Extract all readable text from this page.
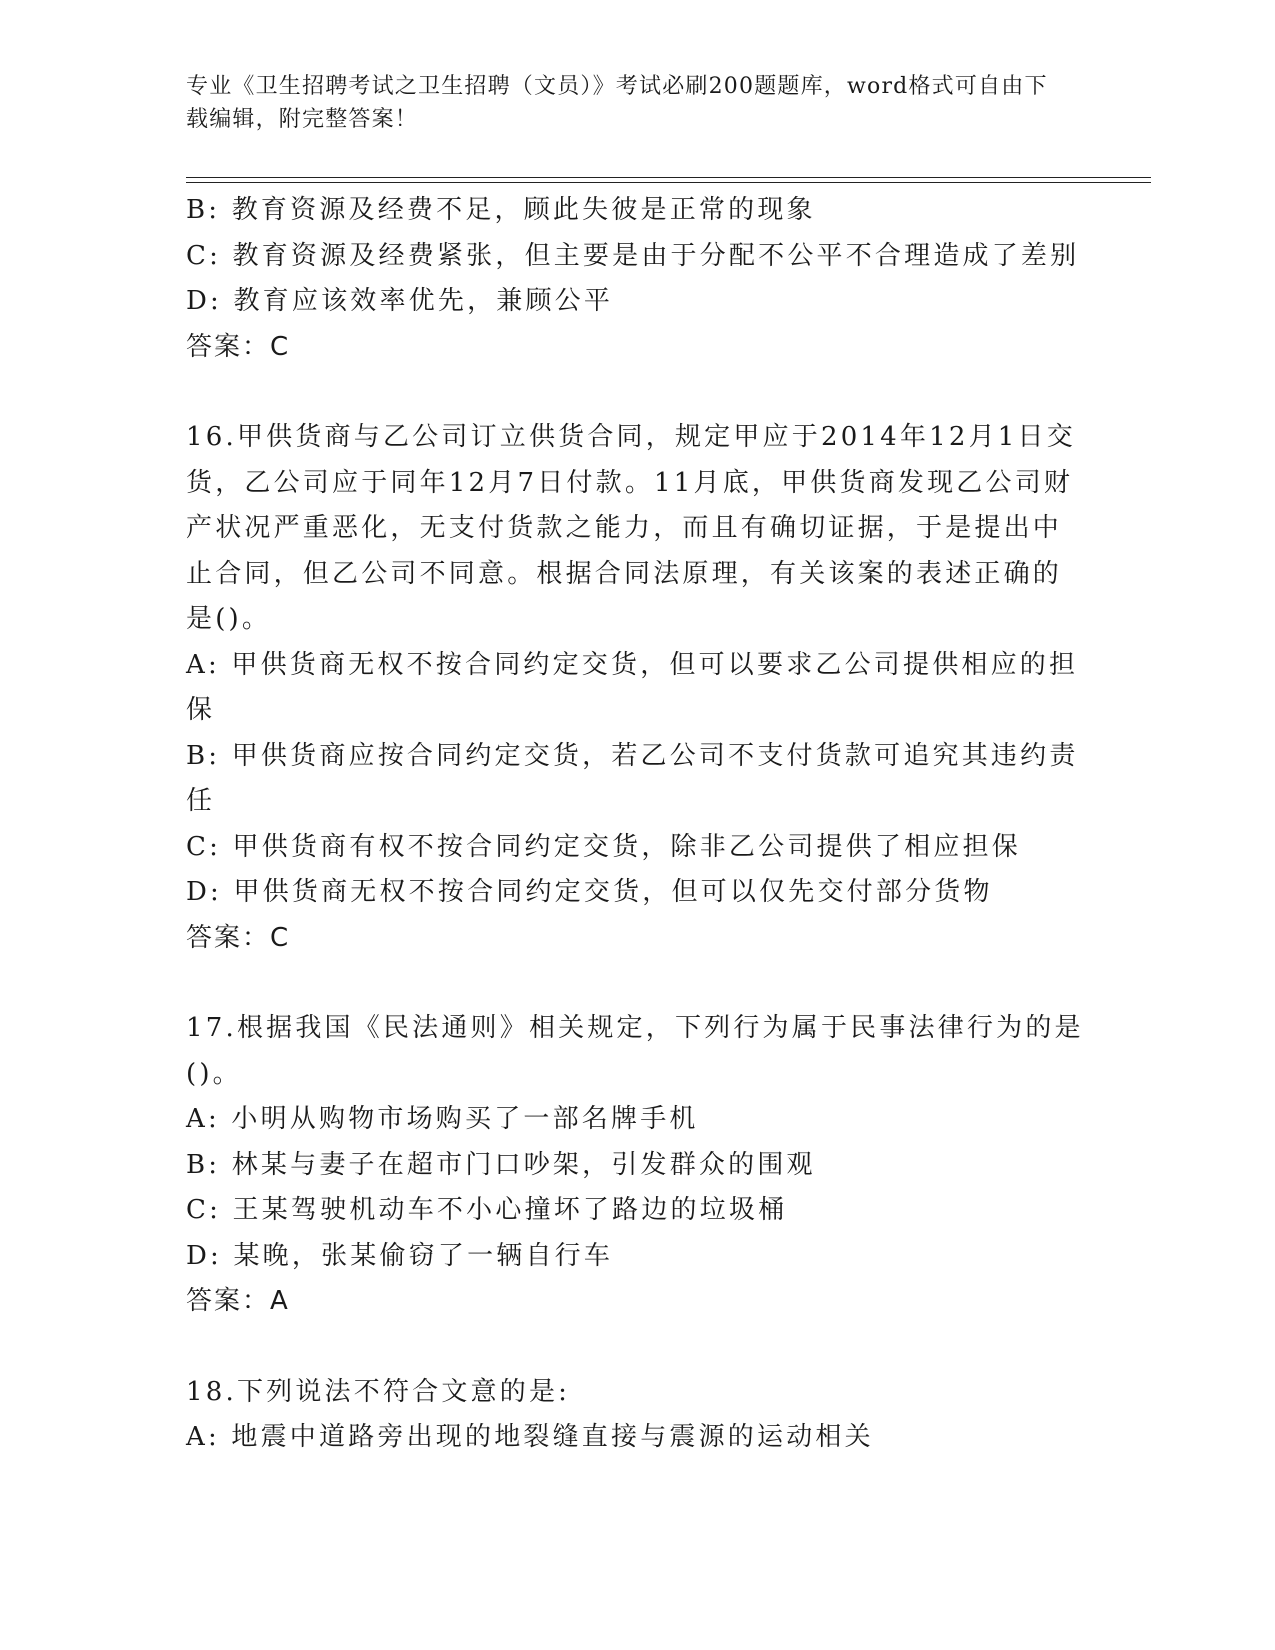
专业《卫生招聘考试之卫生招聘（文员）》考试必刷200题题库，word格式可自由下载编辑，附完整答案！
B: 教育资源及经费不足，顾此失彼是正常的现象
C: 教育资源及经费紧张，但主要是由于分配不公平不合理造成了差别
D: 教育应该效率优先，兼顾公平
答案：C
16.甲供货商与乙公司订立供货合同，规定甲应于2014年12月1日交货，乙公司应于同年12月7日付款。11月底，甲供货商发现乙公司财产状况严重恶化，无支付货款之能力，而且有确切证据，于是提出中止合同，但乙公司不同意。根据合同法原理，有关该案的表述正确的是()。
A: 甲供货商无权不按合同约定交货，但可以要求乙公司提供相应的担保
B: 甲供货商应按合同约定交货，若乙公司不支付货款可追究其违约责任
C: 甲供货商有权不按合同约定交货，除非乙公司提供了相应担保
D: 甲供货商无权不按合同约定交货，但可以仅先交付部分货物
答案：C
17.根据我国《民法通则》相关规定，下列行为属于民事法律行为的是()。
A: 小明从购物市场购买了一部名牌手机
B: 林某与妻子在超市门口吵架，引发群众的围观
C: 王某驾驶机动车不小心撞坏了路边的垃圾桶
D: 某晚，张某偷窃了一辆自行车
答案：A
18.下列说法不符合文意的是:
A: 地震中道路旁出现的地裂缝直接与震源的运动相关
